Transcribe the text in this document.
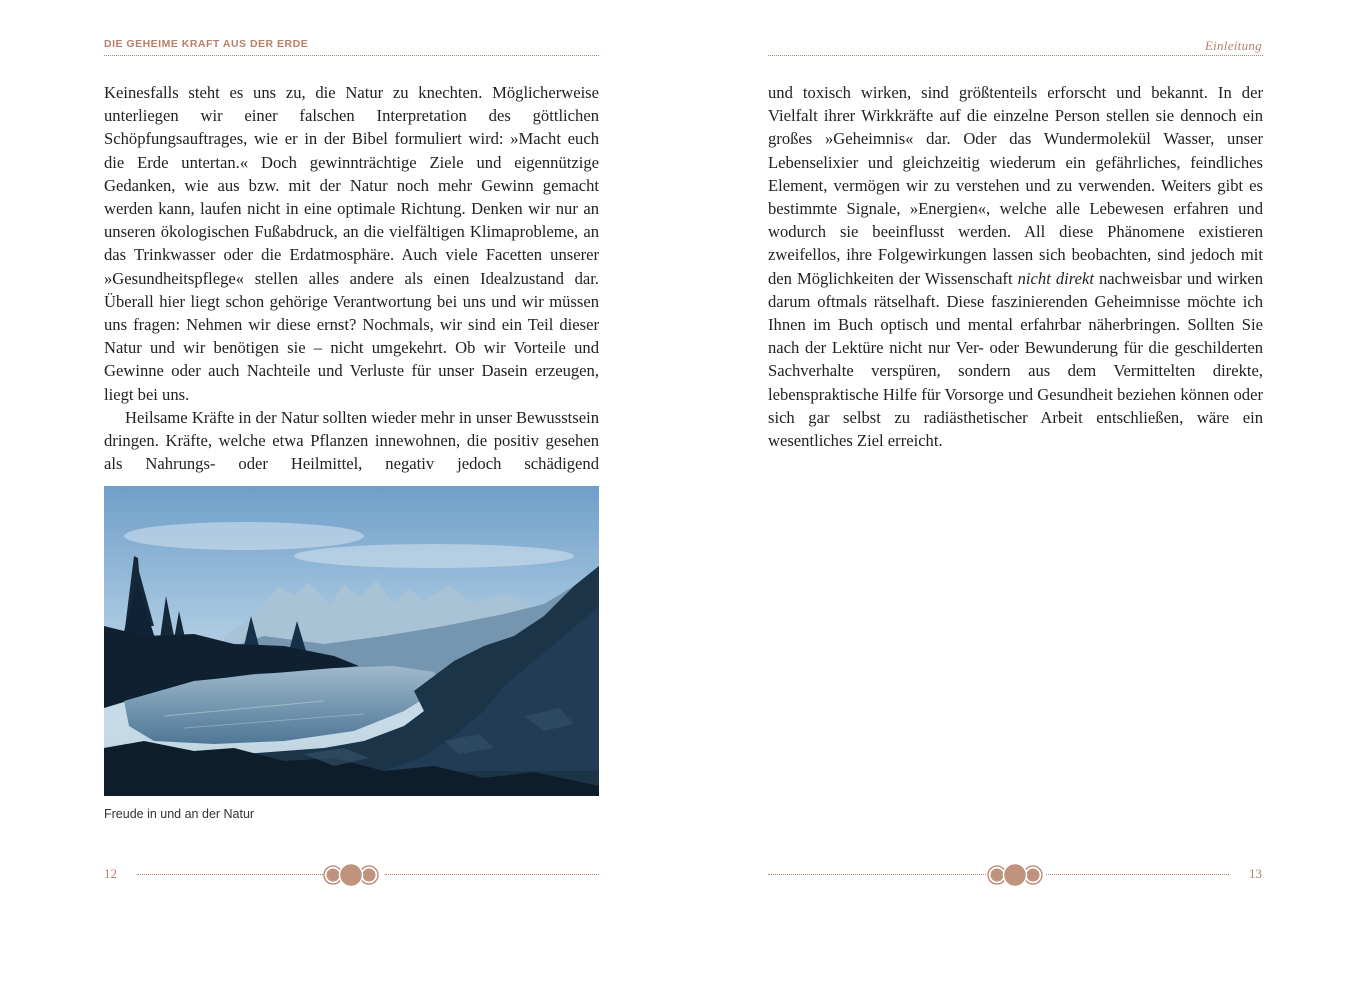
DIE GEHEIME KRAFT AUS DER ERDE

Keinesfalls steht es uns zu, die Natur zu knechten. Möglicherweise unterliegen wir einer falschen Interpretation des göttlichen Schöpfungsauftrages, wie er in der Bibel formuliert wird: »Macht euch die Erde untertan.« Doch gewinnträchtige Ziele und eigennützige Gedanken, wie aus bzw. mit der Natur noch mehr Gewinn gemacht werden kann, laufen nicht in eine optimale Richtung. Denken wir nur an unseren ökologischen Fußabdruck, an die vielfältigen Klimaprobleme, an das Trinkwasser oder die Erdatmosphäre. Auch viele Facetten unserer »Gesundheitspflege« stellen alles andere als einen Idealzustand dar. Überall hier liegt schon gehörige Verantwortung bei uns und wir müssen uns fragen: Nehmen wir diese ernst? Nochmals, wir sind ein Teil dieser Natur und wir benötigen sie – nicht umgekehrt. Ob wir Vorteile und Gewinne oder auch Nachteile und Verluste für unser Dasein erzeugen, liegt bei uns.

Heilsame Kräfte in der Natur sollten wieder mehr in unser Bewusstsein dringen. Kräfte, welche etwa Pflanzen innewohnen, die positiv gesehen als Nahrungs- oder Heilmittel, negativ jedoch schädigend

Freude in und an der Natur
12
Einleitung

und toxisch wirken, sind größtenteils erforscht und bekannt. In der Vielfalt ihrer Wirkkräfte auf die einzelne Person stellen sie dennoch ein großes »Geheimnis« dar. Oder das Wundermolekül Wasser, unser Lebenselixier und gleichzeitig wiederum ein gefährliches, feindliches Element, vermögen wir zu verstehen und zu verwenden. Weiters gibt es bestimmte Signale, »Energien«, welche alle Lebewesen erfahren und wodurch sie beeinflusst werden. All diese Phänomene existieren zweifellos, ihre Folgewirkungen lassen sich beobachten, sind jedoch mit den Möglichkeiten der Wissenschaft nicht direkt nachweisbar und wirken darum oftmals rätselhaft. Diese faszinierenden Geheimnisse möchte ich Ihnen im Buch optisch und mental erfahrbar näherbringen. Sollten Sie nach der Lektüre nicht nur Ver- oder Bewunderung für die geschilderten Sachverhalte verspüren, sondern aus dem Vermittelten direkte, lebenspraktische Hilfe für Vorsorge und Gesundheit beziehen können oder sich gar selbst zu radiästhetischer Arbeit entschließen, wäre ein wesentliches Ziel erreicht.

13
